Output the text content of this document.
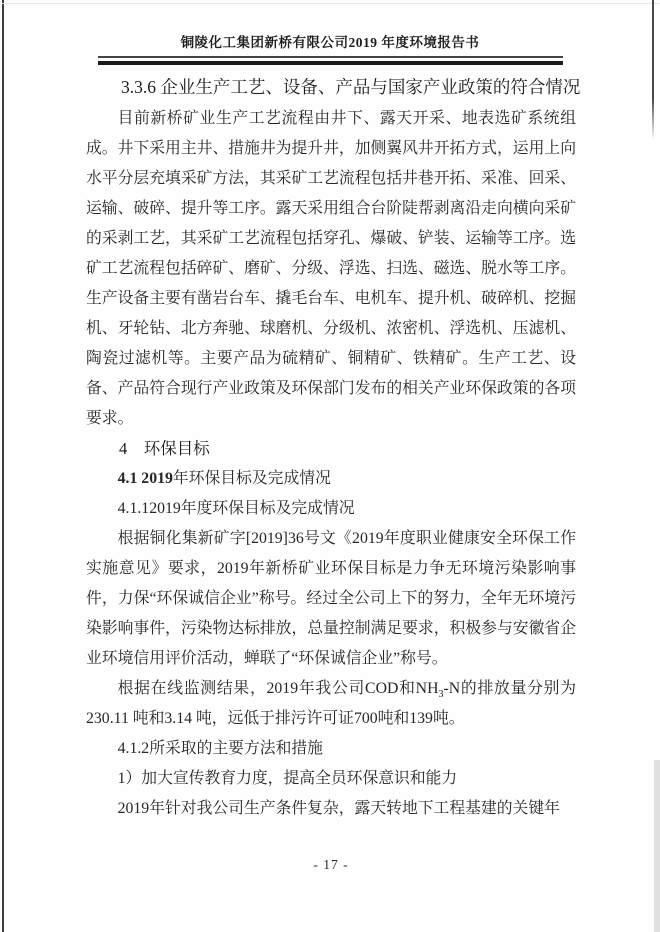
铜陵化工集团新桥有限公司2019 年度环境报告书
3.3.6 企业生产工艺、设备、产品与国家产业政策的符合情况

目前新桥矿业生产工艺流程由井下、露天开采、地表选矿系统组成。井下采用主井、措施井为提升井，加侧翼风井开拓方式，运用上向水平分层充填采矿方法，其采矿工艺流程包括井巷开拓、采准、回采、运输、破碎、提升等工序。露天采用组合台阶陡帮剥离沿走向横向采矿的采剥工艺，其采矿工艺流程包括穿孔、爆破、铲装、运输等工序。选矿工艺流程包括碎矿、磨矿、分级、浮选、扫选、磁选、脱水等工序。生产设备主要有凿岩台车、撬毛台车、电机车、提升机、破碎机、挖掘机、牙轮钻、北方奔驰、球磨机、分级机、浓密机、浮选机、压滤机、陶瓷过滤机等。主要产品为硫精矿、铜精矿、铁精矿。生产工艺、设备、产品符合现行产业政策及环保部门发布的相关产业环保政策的各项要求。

4　环保目标
4.1 2019年环保目标及完成情况

4.1.12019年度环保目标及完成情况

根据铜化集新矿字[2019]36号文《2019年度职业健康安全环保工作实施意见》要求，2019年新桥矿业环保目标是力争无环境污染影响事件，力保“环保诚信企业”称号。经过全公司上下的努力，全年无环境污染影响事件，污染物达标排放，总量控制满足要求，积极参与安徽省企业环境信用评价活动，蝉联了“环保诚信企业”称号。

根据在线监测结果，2019年我公司COD和$NH_3-N$的排放量分别为230.11 吨和3.14 吨，远低于排污许可证700吨和139吨。

4.1.2所采取的主要方法和措施

1）加大宣传教育力度，提高全员环保意识和能力

2019年针对我公司生产条件复杂，露天转地下工程基建的关键年

- 17 -
